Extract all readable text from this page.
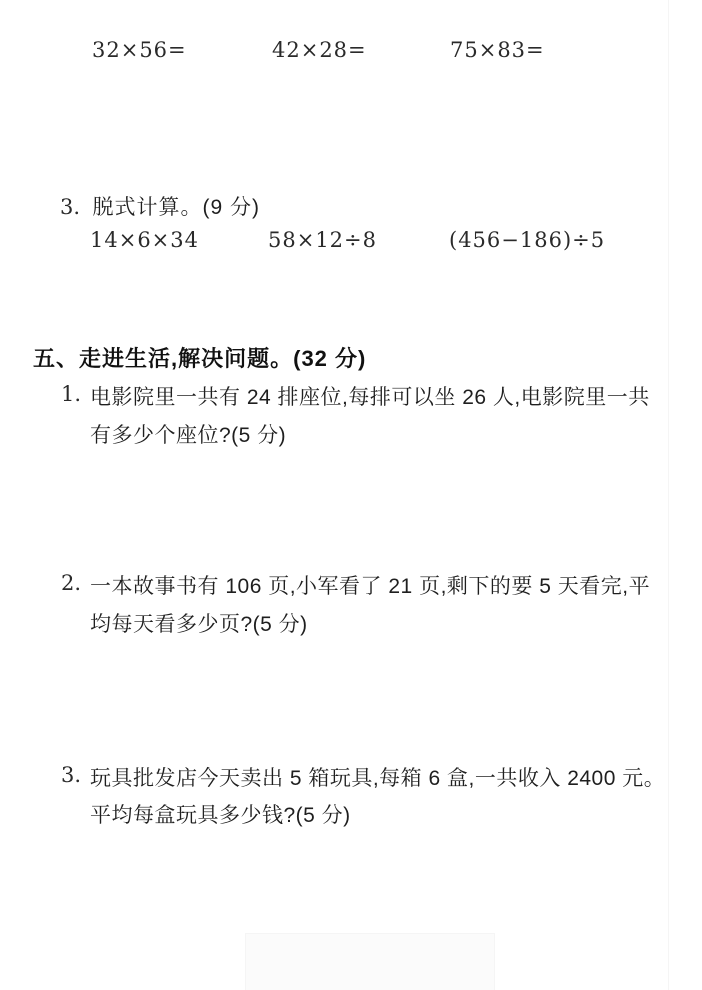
32×56=	42×28=	75×83=
3. 脱式计算。(9 分)
14×6×34	58×12÷8	(456−186)÷5
五、走进生活,解决问题。(32 分)
1. 电影院里一共有 24 排座位,每排可以坐 26 人,电影院里一共
有多少个座位?(5 分)
2. 一本故事书有 106 页,小军看了 21 页,剩下的要 5 天看完,平
均每天看多少页?(5 分)
3. 玩具批发店今天卖出 5 箱玩具,每箱 6 盒,一共收入 2400 元。
平均每盒玩具多少钱?(5 分)
